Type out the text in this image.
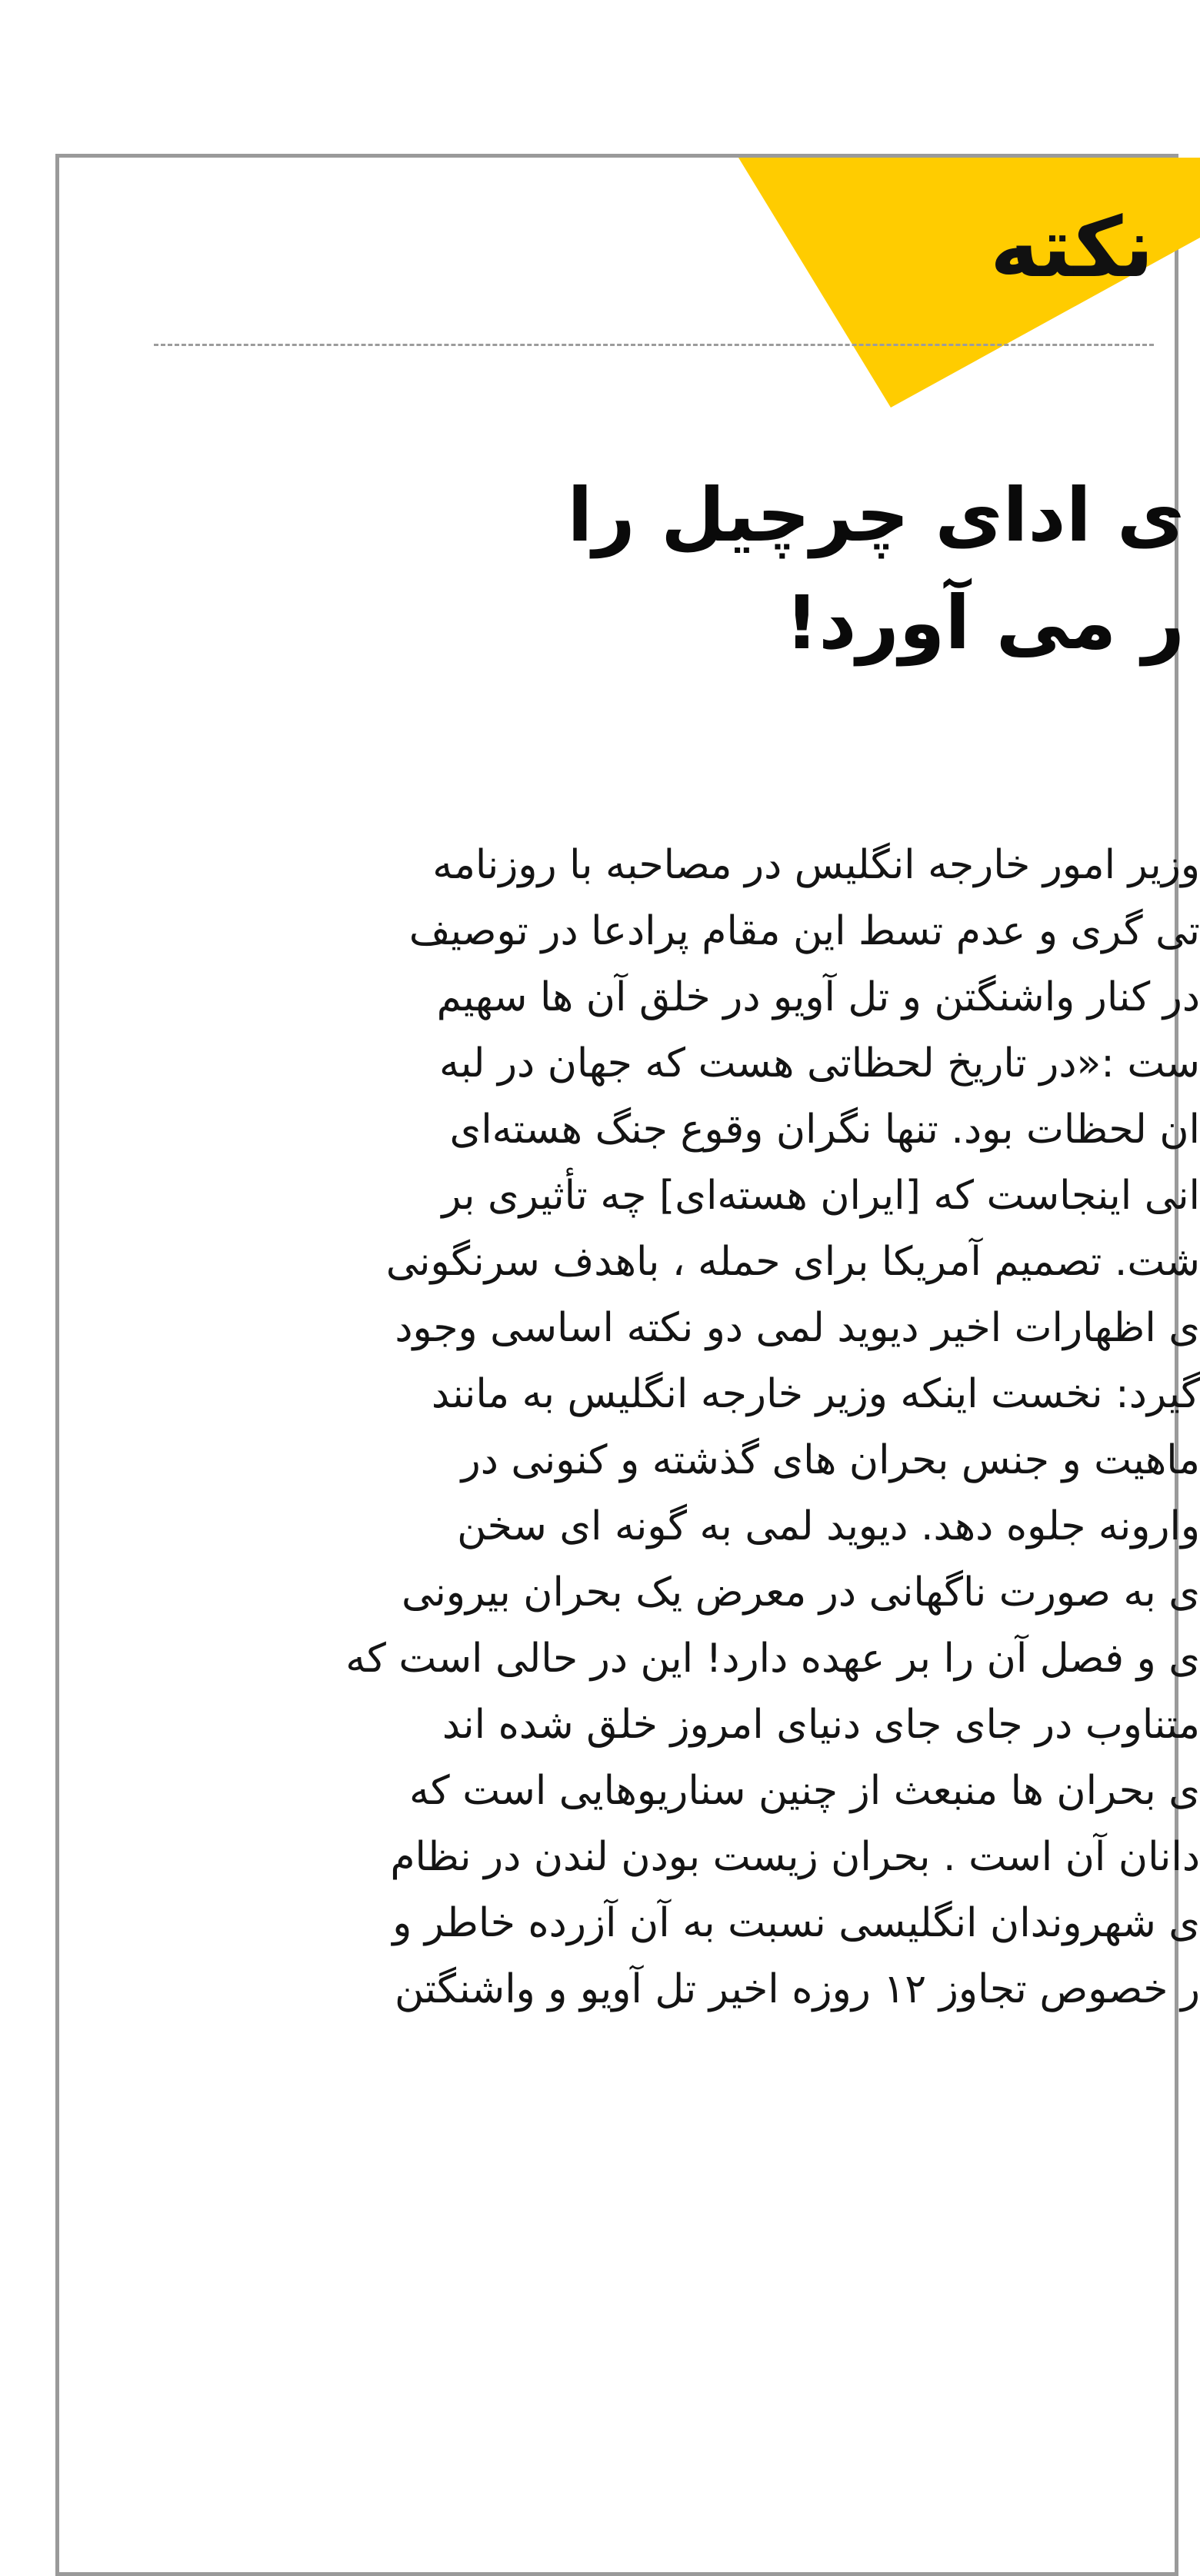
نکته
ی ادای چرچیل را
ر می آورد!
وزیر امور خارجه انگلیس در مصاحبه با روزنامه
تی گری و عدم تسط این مقام پرادعا در توصیف
در کنار واشنگتن و تل آویو در خلق آن ها سهیم
ست :«در تاریخ لحظاتی هست که جهان در لبه
ان لحظات بود. تنها نگران وقوع جنگ هسته‌ای
انی اینجاست که [ایران هسته‌ای] چه تأثیری بر
شت. تصمیم آمریکا برای حمله ، باهدف سرنگونی
ی اظهارات اخیر دیوید لمی دو نکته اساسی وجود
گیرد: نخست اینکه وزیر خارجه انگلیس به مانند
ماهیت و جنس بحران های گذشته و کنونی در
وارونه جلوه دهد. دیوید لمی به گونه ای سخن
ی به صورت ناگهانی در معرض یک بحران بیرونی
ی و فصل آن را بر عهده دارد! این در حالی است که
متناوب در جای جای دنیای امروز خلق شده اند
ی بحران ها منبعث از چنین سناریوهایی است که
دانان آن است . بحران زیست بودن لندن در نظام
ی شهروندان انگلیسی نسبت به آن آزرده خاطر و
ر خصوص تجاوز ۱۲ روزه اخیر تل آویو و واشنگتن
